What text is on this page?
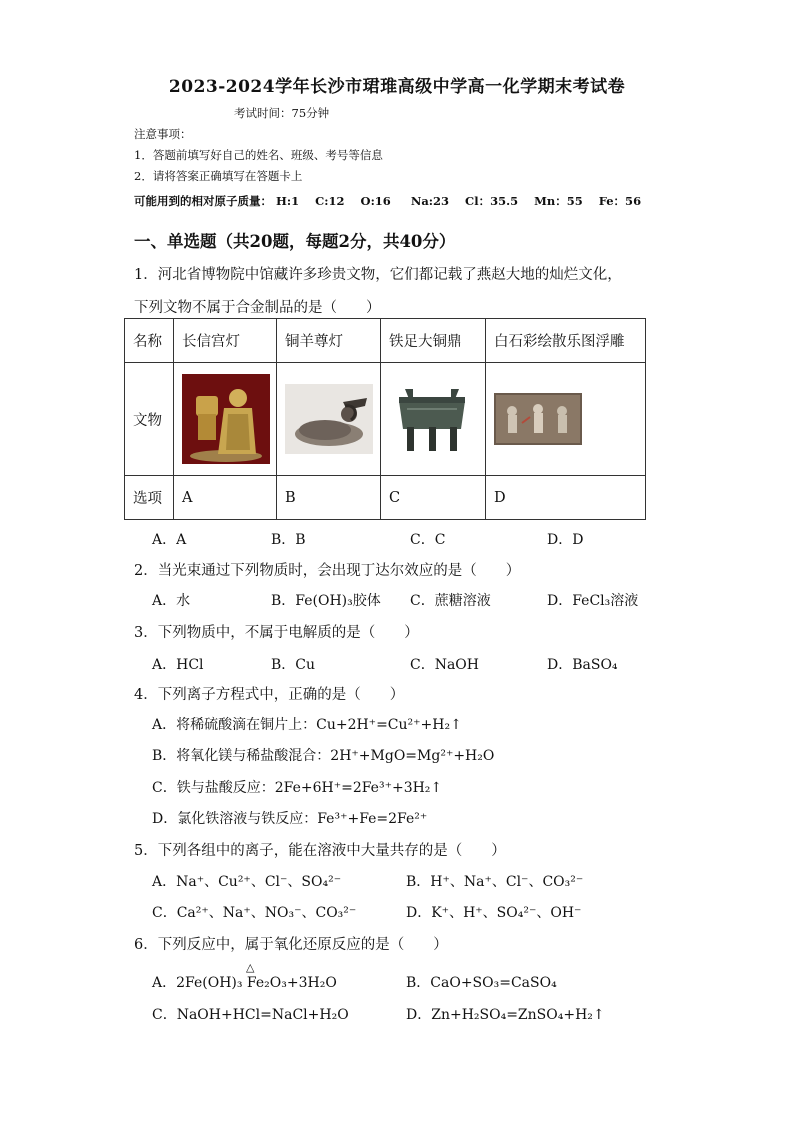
2023-2024学年长沙市珺琟高级中学高一化学期末考试卷
考试时间：75分钟
注意事项：
1．答题前填写好自己的姓名、班级、考号等信息
2．请将答案正确填写在答题卡上
可能用到的相对原子质量： H:1    C:12    O:16     Na:23    Cl：35.5    Mn：55    Fe：56
一、单选题（共20题，每题2分，共40分）
1．河北省博物院中馆藏许多珍贵文物，它们都记载了燕赵大地的灿烂文化，
下列文物不属于合金制品的是（　　）
名称	长信宫灯	铜羊尊灯	铁足大铜鼎	白石彩绘散乐图浮雕
文物	

选项	A	B	C	D
A．A	B．B	C．C	D．D
2．当光束通过下列物质时，会出现丁达尔效应的是（　　）
A．水	B．Fe(OH)₃胶体 C．蔗糖溶液	D．FeCl₃溶液
3．下列物质中，不属于电解质的是（　　）
A．HCl	B．Cu	C．NaOH	D．BaSO₄
4．下列离子方程式中，正确的是（　　）
A．将稀硫酸滴在铜片上：Cu+2H⁺=Cu²⁺+H₂↑
B．将氧化镁与稀盐酸混合：2H⁺+MgO=Mg²⁺+H₂O
C．铁与盐酸反应：2Fe+6H⁺=2Fe³⁺+3H₂↑
D．氯化铁溶液与铁反应：Fe³⁺+Fe=2Fe²⁺
5．下列各组中的离子，能在溶液中大量共存的是（　　）
A．Na⁺、Cu²⁺、Cl⁻、SO₄²⁻	B．H⁺、Na⁺、Cl⁻、CO₃²⁻
C．Ca²⁺、Na⁺、NO₃⁻、CO₃²⁻	D．K⁺、H⁺、SO₄²⁻、OH⁻
6．下列反应中，属于氧化还原反应的是（　　）
△
A．2Fe(OH)₃ Fe₂O₃+3H₂O	B．CaO+SO₃=CaSO₄
C．NaOH+HCl=NaCl+H₂O	D．Zn+H₂SO₄=ZnSO₄+H₂↑
